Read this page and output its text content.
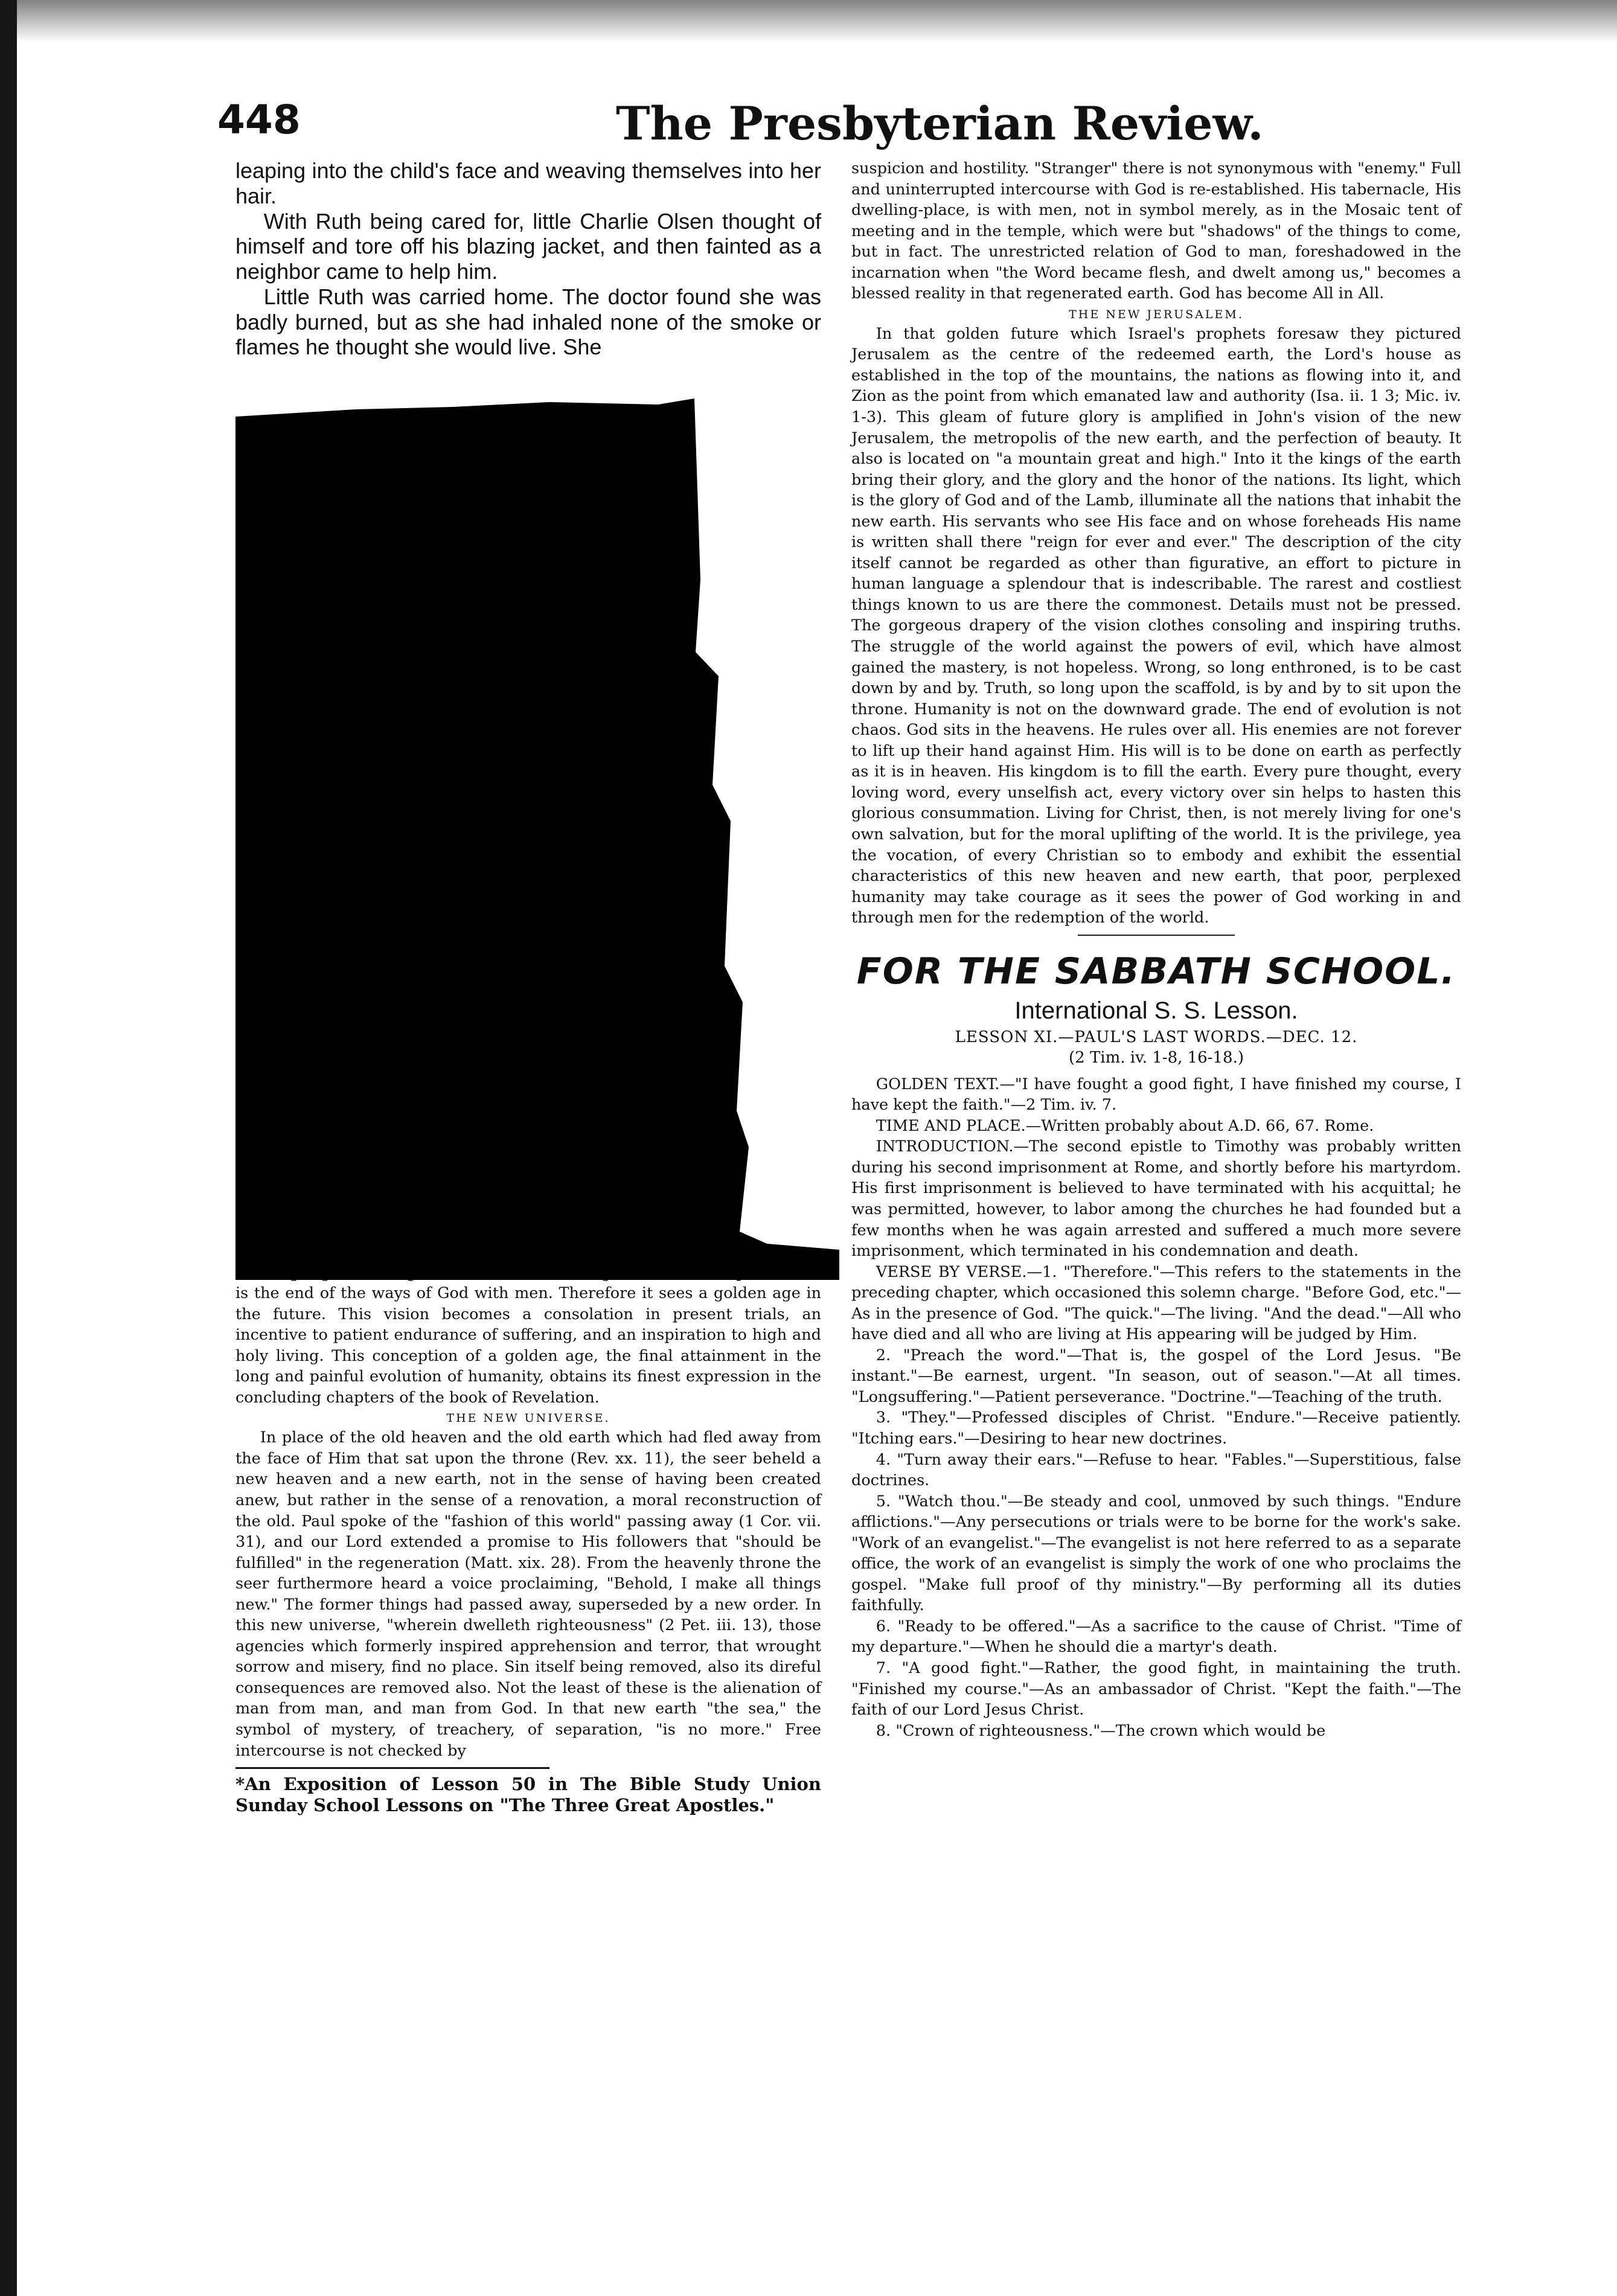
448	The Presbyterian Review.

leaping into the child's face and weaving themselves into her hair.

With Ruth being cared for, little Charlie Olsen thought of himself and tore off his blazing jacket, and then fainted as a neighbor came to help him.

Little Ruth was carried home. The doctor found she was badly burned, but as she had inhaled none of the smoke or flames he thought she would live. She

is the end of the ways of God with men. Therefore it sees a golden age in the future. This vision becomes a consolation in present trials, an incentive to patient endurance of suffering, and an inspiration to high and holy living. This conception of a golden age, the final attainment in the long and painful evolution of humanity, obtains its finest expression in the concluding chapters of the book of Revelation.

THE NEW UNIVERSE.

In place of the old heaven and the old earth which had fled away from the face of Him that sat upon the throne (Rev. xx. 11), the seer beheld a new heaven and a new earth, not in the sense of having been created anew, but rather in the sense of a renovation, a moral reconstruction of the old. Paul spoke of the "fashion of this world" passing away (1 Cor. vii. 31), and our Lord extended a promise to His followers that "should be fulfilled" in the regeneration (Matt. xix. 28). From the heavenly throne the seer furthermore heard a voice proclaiming, "Behold, I make all things new." The former things had passed away, superseded by a new order. In this new universe, "wherein dwelleth righteousness" (2 Pet. iii. 13), those agencies which formerly inspired apprehension and terror, that wrought sorrow and misery, find no place. Sin itself being removed, also its direful consequences are removed also. Not the least of these is the alienation of man from man, and man from God. In that new earth "the sea," the symbol of mystery, of treachery, of separation, "is no more." Free intercourse is not checked by

*An Exposition of Lesson 50 in The Bible Study Union Sunday School Lessons on "The Three Great Apostles."

suspicion and hostility. "Stranger" there is not synonymous with "enemy." Full and uninterrupted intercourse with God is re-established. His tabernacle, His dwelling-place, is with men, not in symbol merely, as in the Mosaic tent of meeting and in the temple, which were but "shadows" of the things to come, but in fact. The unrestricted relation of God to man, foreshadowed in the incarnation when "the Word became flesh, and dwelt among us," becomes a blessed reality in that regenerated earth. God has become All in All.

THE NEW JERUSALEM.

In that golden future which Israel's prophets foresaw they pictured Jerusalem as the centre of the redeemed earth, the Lord's house as established in the top of the mountains, the nations as flowing into it, and Zion as the point from which emanated law and authority (Isa. ii. 1 3; Mic. iv. 1-3). This gleam of future glory is amplified in John's vision of the new Jerusalem, the metropolis of the new earth, and the perfection of beauty. It also is located on "a mountain great and high." Into it the kings of the earth bring their glory, and the glory and the honor of the nations. Its light, which is the glory of God and of the Lamb, illuminate all the nations that inhabit the new earth. His servants who see His face and on whose foreheads His name is written shall there "reign for ever and ever." The description of the city itself cannot be regarded as other than figurative, an effort to picture in human language a splendour that is indescribable. The rarest and costliest things known to us are there the commonest. Details must not be pressed. The gorgeous drapery of the vision clothes consoling and inspiring truths. The struggle of the world against the powers of evil, which have almost gained the mastery, is not hopeless. Wrong, so long enthroned, is to be cast down by and by. Truth, so long upon the scaffold, is by and by to sit upon the throne. Humanity is not on the downward grade. The end of evolution is not chaos. God sits in the heavens. He rules over all. His enemies are not forever to lift up their hand against Him. His will is to be done on earth as perfectly as it is in heaven. His kingdom is to fill the earth. Every pure thought, every loving word, every unselfish act, every victory over sin helps to hasten this glorious consummation. Living for Christ, then, is not merely living for one's own salvation, but for the moral uplifting of the world. It is the privilege, yea the vocation, of every Christian so to embody and exhibit the essential characteristics of this new heaven and new earth, that poor, perplexed humanity may take courage as it sees the power of God working in and through men for the redemption of the world.

FOR THE SABBATH SCHOOL.
International S. S. Lesson.
LESSON XI.—PAUL'S LAST WORDS.—DEC. 12.
(2 Tim. iv. 1-8, 16-18.)

GOLDEN TEXT.—"I have fought a good fight, I have finished my course, I have kept the faith."—2 Tim. iv. 7.

TIME AND PLACE.—Written probably about A.D. 66, 67. Rome.

INTRODUCTION.—The second epistle to Timothy was probably written during his second imprisonment at Rome, and shortly before his martyrdom. His first imprisonment is believed to have terminated with his acquittal; he was permitted, however, to labor among the churches he had founded but a few months when he was again arrested and suffered a much more severe imprisonment, which terminated in his condemnation and death.

VERSE BY VERSE.—1. "Therefore."—This refers to the statements in the preceding chapter, which occasioned this solemn charge. "Before God, etc."—As in the presence of God. "The quick."—The living. "And the dead."—All who have died and all who are living at His appearing will be judged by Him.

2. "Preach the word."—That is, the gospel of the Lord Jesus. "Be instant."—Be earnest, urgent. "In season, out of season."—At all times. "Longsuffering."—Patient perseverance. "Doctrine."—Teaching of the truth.

3. "They."—Professed disciples of Christ. "Endure."—Receive patiently. "Itching ears."—Desiring to hear new doctrines.

4. "Turn away their ears."—Refuse to hear. "Fables."—Superstitious, false doctrines.

5. "Watch thou."—Be steady and cool, unmoved by such things. "Endure afflictions."—Any persecutions or trials were to be borne for the work's sake. "Work of an evangelist."—The evangelist is not here referred to as a separate office, the work of an evangelist is simply the work of one who proclaims the gospel. "Make full proof of thy ministry."—By performing all its duties faithfully.

6. "Ready to be offered."—As a sacrifice to the cause of Christ. "Time of my departure."—When he should die a martyr's death.

7. "A good fight."—Rather, the good fight, in maintaining the truth. "Finished my course."—As an ambassador of Christ. "Kept the faith."—The faith of our Lord Jesus Christ.

8. "Crown of righteousness."—The crown which would be
